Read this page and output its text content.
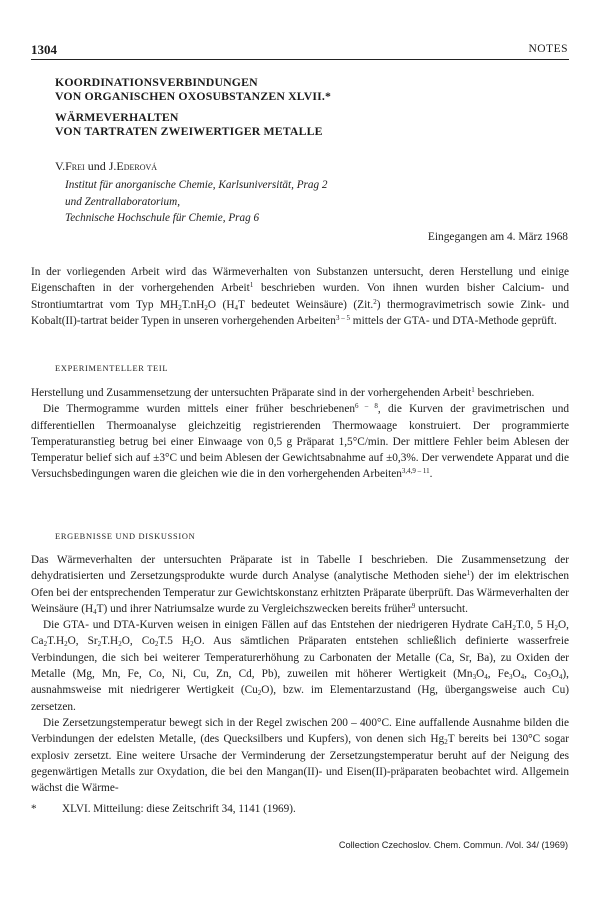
1304	NOTES
KOORDINATIONSVERBINDUNGEN
VON ORGANISCHEN OXOSUBSTANZEN XLVII.*
WÄRMEVERHALTEN
VON TARTRATEN ZWEIWERTIGER METALLE
V.Frei und J.Ederová
Institut für anorganische Chemie, Karlsuniversität, Prag 2
und Zentrallaboratorium,
Technische Hochschule für Chemie, Prag 6
Eingegangen am 4. März 1968

In der vorliegenden Arbeit wird das Wärmeverhalten von Substanzen untersucht, deren Herstellung und einige Eigenschaften in der vorhergehenden Arbeit$^1$ beschrieben wurden. Von ihnen wurden bisher Calcium- und Strontiumtartrat vom Typ $MH_2T.nH_2O$ ($H_4T$ bedeutet Weinsäure) (Zit.$^2$) thermogravimetrisch sowie Zink- und Kobalt(II)-tartrat beider Typen in unseren vorhergehenden Arbeiten$^{3 - 5}$ mittels der GTA- und DTA-Methode geprüft.

EXPERIMENTELLER TEIL

Herstellung und Zusammensetzung der untersuchten Präparate sind in der vorhergehenden Arbeit$^1$ beschrieben.

Die Thermogramme wurden mittels einer früher beschriebenen$^{6 - 8}$, die Kurven der gravimetrischen und differentiellen Thermoanalyse gleichzeitig registrierenden Thermowaage konstruiert. Der programmierte Temperaturanstieg betrug bei einer Einwaage von 0,5 g Präparat 1,5°C/min. Der mittlere Fehler beim Ablesen der Temperatur belief sich auf ±3°C und beim Ablesen der Gewichtsabnahme auf ±0,3%. Der verwendete Apparat und die Versuchsbedingungen waren die gleichen wie die in den vorhergehenden Arbeiten$^{3,4,9 - 11}$.

ERGEBNISSE UND DISKUSSION

Das Wärmeverhalten der untersuchten Präparate ist in Tabelle I beschrieben. Die Zusammensetzung der dehydratisierten und Zersetzungsprodukte wurde durch Analyse (analytische Methoden siehe$^1$) der im elektrischen Ofen bei der entsprechenden Temperatur zur Gewichtskonstanz erhitzten Präparate überprüft. Das Wärmeverhalten der Weinsäure $(H_4T)$ und ihrer Natriumsalze wurde zu Vergleichszwecken bereits früher$^9$ untersucht.

Die GTA- und DTA-Kurven weisen in einigen Fällen auf das Entstehen der niedrigeren Hydrate CaH$_2$T.0, 5 $H_2O$, $Ca_2T.H_2O$, $Sr_2T.H_2O$, $Co_2T.5$ $H_2O$. Aus sämtlichen Präparaten entstehen schließlich definierte wasserfreie Verbindungen, die sich bei weiterer Temperaturerhöhung zu Carbonaten der Metalle (Ca, Sr, Ba), zu Oxiden der Metalle (Mg, Mn, Fe, Co, Ni, Cu, Zn, Cd, Pb), zuweilen mit höherer Wertigkeit ($Mn_3O_4$, $Fe_3O_4$, $Co_3O_4$), ausnahmsweise mit niedrigerer Wertigkeit $(Cu_2O)$, bzw. im Elementarzustand (Hg, übergangsweise auch Cu) zersetzen.

Die Zersetzungstemperatur bewegt sich in der Regel zwischen 200 – 400°C. Eine auffallende Ausnahme bilden die Verbindungen der edelsten Metalle, (des Quecksilbers und Kupfers), von denen sich $Hg_2T$ bereits bei 130°C sogar explosiv zersetzt. Eine weitere Ursache der Verminderung der Zersetzungstemperatur beruht auf der Neigung des gegenwärtigen Metalls zur Oxydation, die bei den Mangan(II)- und Eisen(II)-präparaten beobachtet wird. Allgemein wächst die Wärme-

* XLVI. Mitteilung: diese Zeitschrift 34, 1141 (1969).
Collection Czechoslov. Chem. Commun. /Vol. 34/ (1969)
